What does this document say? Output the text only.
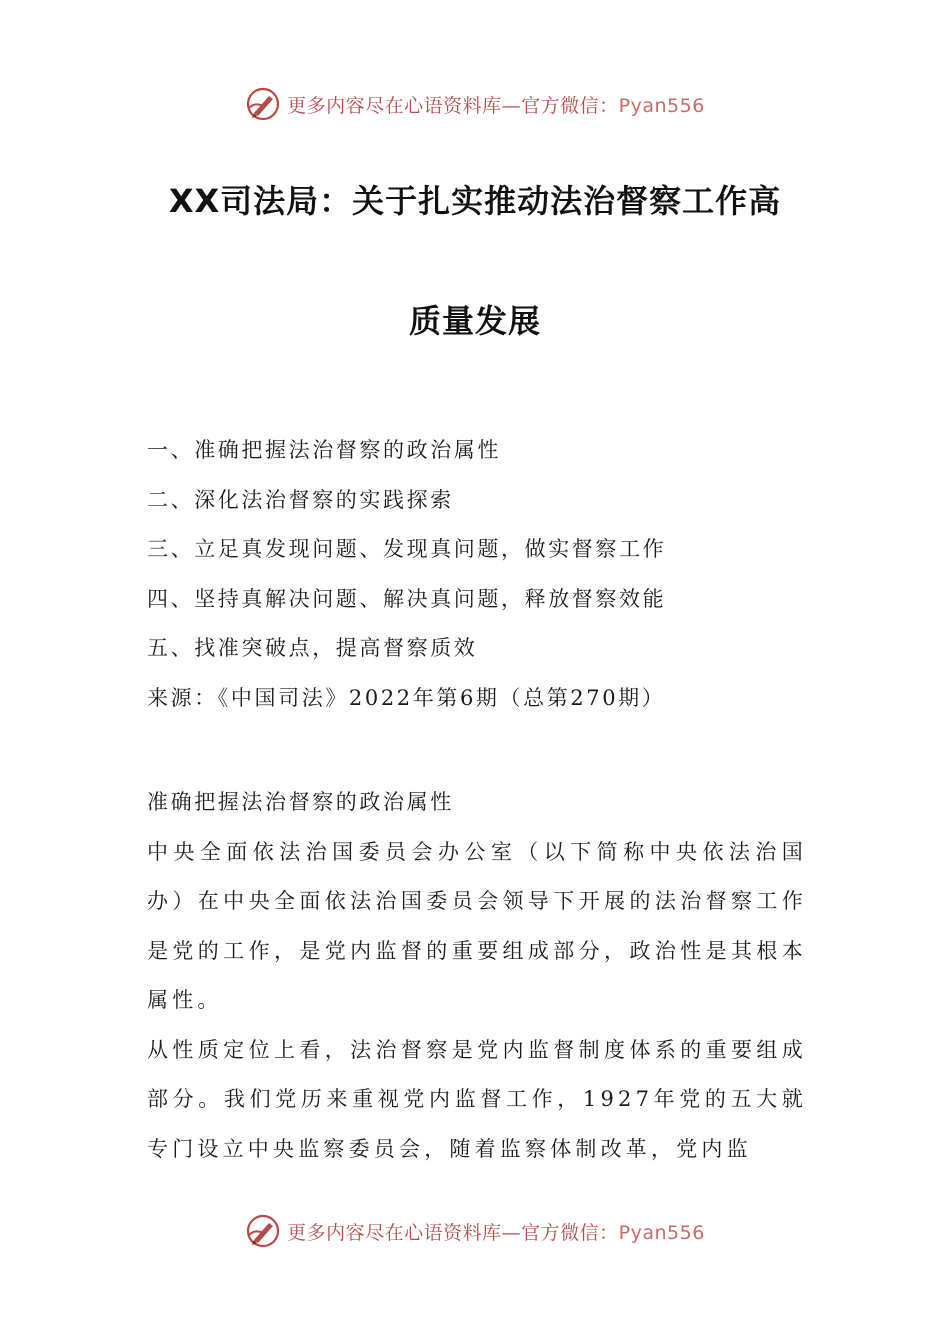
更多内容尽在心语资料库—官方微信：Pyan556
XX司法局：关于扎实推动法治督察工作高
质量发展
一、准确把握法治督察的政治属性
二、深化法治督察的实践探索
三、立足真发现问题、发现真问题，做实督察工作
四、坚持真解决问题、解决真问题，释放督察效能
五、找准突破点，提高督察质效
来源：《中国司法》2022年第6期（总第270期）

准确把握法治督察的政治属性

中央全面依法治国委员会办公室（以下简称中央依法治国办）在中央全面依法治国委员会领导下开展的法治督察工作是党的工作，是党内监督的重要组成部分，政治性是其根本属性。

从性质定位上看，法治督察是党内监督制度体系的重要组成部分。我们党历来重视党内监督工作，1927年党的五大就专门设立中央监察委员会，随着监察体制改革，党内监

更多内容尽在心语资料库—官方微信：Pyan556
